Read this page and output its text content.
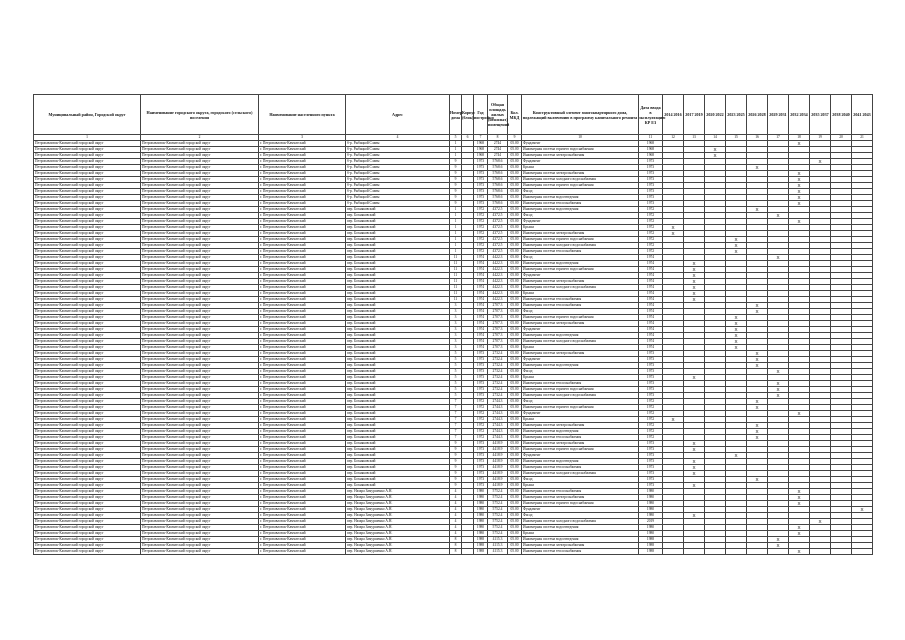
Муниципальный район, Городской округ	Наименование городского округа, городского (сельского) поселения	Наименование населенного пункта	Адрес	Номер дома	Корпус (блок)	Год постройки	Общая площадь жилых (нежилых) помещений	Кол. МКД	Конструктивный элемент многоквартирного дома, подлежащий включению в программу капитального ремонта	Дата ввода в эксплуатацию КР ЕЗ	2014 2016	2017 2019	2020 2022	2023 2025	2026 2028	2029 2031	2032 2034	2035 2037	2038 2040	2041 2043
1	2	3	4	5	6	7	8	9	10	11	12	13	14	15	16	17	18	19	20	21
Петропавловск-Камчатский городской округ	Петропавловск-Камчатский городской округ	г. Петропавловск-Камчатский	б-р. Рыбацкой Славы	1		1968	2744	05.00	Фундамент	1968							X			
Петропавловск-Камчатский городской округ	Петропавловск-Камчатский городской округ	г. Петропавловск-Камчатский	б-р. Рыбацкой Славы	1		1968	2744	05.00	Инженерная система горячего водоснабжения	1968			X							
Петропавловск-Камчатский городской округ	Петропавловск-Камчатский городской округ	г. Петропавловск-Камчатский	б-р. Рыбацкой Славы	1		1968	2744	05.00	Инженерная система электроснабжения	1968			X							
Петропавловск-Камчатский городской округ	Петропавловск-Камчатский городской округ	г. Петропавловск-Камчатский	б-р. Рыбацкой Славы	9		1973	5768.6	05.00	Фундамент	1973								X		
Петропавловск-Камчатский городской округ	Петропавловск-Камчатский городской округ	г. Петропавловск-Камчатский	б-р. Рыбацкой Славы	9		1973	5768.6	05.00	Крыша	1973					X					
Петропавловск-Камчатский городской округ	Петропавловск-Камчатский городской округ	г. Петропавловск-Камчатский	б-р. Рыбацкой Славы	9		1973	5768.6	05.00	Инженерная система электроснабжения	1973							X			
Петропавловск-Камчатский городской округ	Петропавловск-Камчатский городской округ	г. Петропавловск-Камчатский	б-р. Рыбацкой Славы	9		1973	5768.6	05.00	Инженерная система холодного водоснабжения	1973							X			
Петропавловск-Камчатский городской округ	Петропавловск-Камчатский городской округ	г. Петропавловск-Камчатский	б-р. Рыбацкой Славы	9		1973	5768.6	05.00	Инженерная система горячего водоснабжения	1973							X			
Петропавловск-Камчатский городской округ	Петропавловск-Камчатский городской округ	г. Петропавловск-Камчатский	б-р. Рыбацкой Славы	9		1973	5768.6	05.00	Фасад	1973							X			
Петропавловск-Камчатский городской округ	Петропавловск-Камчатский городской округ	г. Петропавловск-Камчатский	б-р. Рыбацкой Славы	9		1973	5768.6	05.00	Инженерная система водоотведения	1973							X			
Петропавловск-Камчатский городской округ	Петропавловск-Камчатский городской округ	г. Петропавловск-Камчатский	б-р. Рыбацкой Славы	9		1973	5768.6	05.00	Инженерная система теплоснабжения	1973							X			
Петропавловск-Камчатский городской округ	Петропавловск-Камчатский городской округ	г. Петропавловск-Камчатский	пер. Бохняковский	1		1972	4372.5	05.00	Инженерная система водоотведения	1972					X					
Петропавловск-Камчатский городской округ	Петропавловск-Камчатский городской округ	г. Петропавловск-Камчатский	пер. Бохняковский	1		1972	4372.5	05.00	Фасад	1972						X				
Петропавловск-Камчатский городской округ	Петропавловск-Камчатский городской округ	г. Петропавловск-Камчатский	пер. Бохняковский	1		1972	4372.5	05.00	Фундамент	1972							X			
Петропавловск-Камчатский городской округ	Петропавловск-Камчатский городской округ	г. Петропавловск-Камчатский	пер. Бохняковский	1		1972	4372.5	05.00	Крыша	1972	X									
Петропавловск-Камчатский городской округ	Петропавловск-Камчатский городской округ	г. Петропавловск-Камчатский	пер. Бохняковский	1		1972	4372.5	05.00	Инженерная система электроснабжения	1972	X									
Петропавловск-Камчатский городской округ	Петропавловск-Камчатский городской округ	г. Петропавловск-Камчатский	пер. Бохняковский	1		1972	4372.5	05.00	Инженерная система горячего водоснабжения	1972				X						
Петропавловск-Камчатский городской округ	Петропавловск-Камчатский городской округ	г. Петропавловск-Камчатский	пер. Бохняковский	1		1972	4372.5	05.00	Инженерная система холодного водоснабжения	1972				X						
Петропавловск-Камчатский городской округ	Петропавловск-Камчатский городской округ	г. Петропавловск-Камчатский	пер. Бохняковский	1		1972	4372.5	05.00	Инженерная система теплоснабжения	1972				X						
Петропавловск-Камчатский городской округ	Петропавловск-Камчатский городской округ	г. Петропавловск-Камчатский	пер. Бохняковский	11		1974	4422.3	05.00	Фасад	1974						X				
Петропавловск-Камчатский городской округ	Петропавловск-Камчатский городской округ	г. Петропавловск-Камчатский	пер. Бохняковский	11		1974	4422.3	05.00	Инженерная система водоотведения	1974		X								
Петропавловск-Камчатский городской округ	Петропавловск-Камчатский городской округ	г. Петропавловск-Камчатский	пер. Бохняковский	11		1974	4422.3	05.00	Инженерная система горячего водоснабжения	1974		X								
Петропавловск-Камчатский городской округ	Петропавловск-Камчатский городской округ	г. Петропавловск-Камчатский	пер. Бохняковский	11		1974	4422.3	05.00	Фундамент	1974		X								
Петропавловск-Камчатский городской округ	Петропавловск-Камчатский городской округ	г. Петропавловск-Камчатский	пер. Бохняковский	11		1974	4422.3	05.00	Инженерная система электроснабжения	1974		X								
Петропавловск-Камчатский городской округ	Петропавловск-Камчатский городской округ	г. Петропавловск-Камчатский	пер. Бохняковский	11		1974	4422.3	05.00	Инженерная система холодного водоснабжения	1974		X								
Петропавловск-Камчатский городской округ	Петропавловск-Камчатский городской округ	г. Петропавловск-Камчатский	пер. Бохняковский	11		1974	4422.3	05.00	Крыша	1974		X								
Петропавловск-Камчатский городской округ	Петропавловск-Камчатский городской округ	г. Петропавловск-Камчатский	пер. Бохняковский	11		1974	4422.3	05.00	Инженерная система теплоснабжения	1974		X								
Петропавловск-Камчатский городской округ	Петропавловск-Камчатский городской округ	г. Петропавловск-Камчатский	пер. Бохняковский	3		1974	2707.3	05.00	Инженерная система теплоснабжения	1974					X					
Петропавловск-Камчатский городской округ	Петропавловск-Камчатский городской округ	г. Петропавловск-Камчатский	пер. Бохняковский	3		1974	2707.3	05.00	Фасад	1974					X					
Петропавловск-Камчатский городской округ	Петропавловск-Камчатский городской округ	г. Петропавловск-Камчатский	пер. Бохняковский	3		1974	2707.3	05.00	Инженерная система горячего водоснабжения	1974				X						
Петропавловск-Камчатский городской округ	Петропавловск-Камчатский городской округ	г. Петропавловск-Камчатский	пер. Бохняковский	3		1974	2707.3	05.00	Инженерная система электроснабжения	1974				X						
Петропавловск-Камчатский городской округ	Петропавловск-Камчатский городской округ	г. Петропавловск-Камчатский	пер. Бохняковский	3		1974	2707.3	05.00	Фундамент	1974				X						
Петропавловск-Камчатский городской округ	Петропавловск-Камчатский городской округ	г. Петропавловск-Камчатский	пер. Бохняковский	3		1974	2707.3	05.00	Инженерная система водоотведения	1974				X						
Петропавловск-Камчатский городской округ	Петропавловск-Камчатский городской округ	г. Петропавловск-Камчатский	пер. Бохняковский	3		1974	2707.3	05.00	Инженерная система холодного водоснабжения	1974				X						
Петропавловск-Камчатский городской округ	Петропавловск-Камчатский городской округ	г. Петропавловск-Камчатский	пер. Бохняковский	3		1974	2707.3	05.00	Крыша	1974				X						
Петропавловск-Камчатский городской округ	Петропавловск-Камчатский городской округ	г. Петропавловск-Камчатский	пер. Бохняковский	5		1973	2732.4	05.00	Инженерная система электроснабжения	1973					X					
Петропавловск-Камчатский городской округ	Петропавловск-Камчатский городской округ	г. Петропавловск-Камчатский	пер. Бохняковский	5		1973	2732.4	05.00	Фундамент	1973					X					
Петропавловск-Камчатский городской округ	Петропавловск-Камчатский городской округ	г. Петропавловск-Камчатский	пер. Бохняковский	5		1973	2732.4	05.00	Инженерная система водоотведения	1973					X					
Петропавловск-Камчатский городской округ	Петропавловск-Камчатский городской округ	г. Петропавловск-Камчатский	пер. Бохняковский	5		1973	2732.4	05.00	Фасад	1973						X				
Петропавловск-Камчатский городской округ	Петропавловск-Камчатский городской округ	г. Петропавловск-Камчатский	пер. Бохняковский	5		1973	2732.4	05.00	Крыша	1973		X								
Петропавловск-Камчатский городской округ	Петропавловск-Камчатский городской округ	г. Петропавловск-Камчатский	пер. Бохняковский	5		1973	2732.4	05.00	Инженерная система теплоснабжения	1973						X				
Петропавловск-Камчатский городской округ	Петропавловск-Камчатский городской округ	г. Петропавловск-Камчатский	пер. Бохняковский	5		1973	2732.4	05.00	Инженерная система горячего водоснабжения	1973						X				
Петропавловск-Камчатский городской округ	Петропавловск-Камчатский городской округ	г. Петропавловск-Камчатский	пер. Бохняковский	5		1973	2732.4	05.00	Инженерная система холодного водоснабжения	1973						X				
Петропавловск-Камчатский городской округ	Петропавловск-Камчатский городской округ	г. Петропавловск-Камчатский	пер. Бохняковский	7		1972	2744.3	05.00	Фасад	1972					X					
Петропавловск-Камчатский городской округ	Петропавловск-Камчатский городской округ	г. Петропавловск-Камчатский	пер. Бохняковский	7		1972	2744.3	05.00	Инженерная система горячего водоснабжения	1972					X					
Петропавловск-Камчатский городской округ	Петропавловск-Камчатский городской округ	г. Петропавловск-Камчатский	пер. Бохняковский	7		1972	2744.3	05.00	Фундамент	1972							X			
Петропавловск-Камчатский городской округ	Петропавловск-Камчатский городской округ	г. Петропавловск-Камчатский	пер. Бохняковский	7		1972	2744.3	05.00	Крыша	1972	X									
Петропавловск-Камчатский городской округ	Петропавловск-Камчатский городской округ	г. Петропавловск-Камчатский	пер. Бохняковский	7		1972	2744.3	05.00	Инженерная система электроснабжения	1972					X					
Петропавловск-Камчатский городской округ	Петропавловск-Камчатский городской округ	г. Петропавловск-Камчатский	пер. Бохняковский	7		1972	2744.3	05.00	Инженерная система водоотведения	1972					X					
Петропавловск-Камчатский городской округ	Петропавловск-Камчатский городской округ	г. Петропавловск-Камчатский	пер. Бохняковский	7		1972	2744.3	05.00	Инженерная система теплоснабжения	1972					X					
Петропавловск-Камчатский городской округ	Петропавловск-Камчатский городской округ	г. Петропавловск-Камчатский	пер. Бохняковский	9		1973	4418.9	05.00	Инженерная система электроснабжения	1973		X								
Петропавловск-Камчатский городской округ	Петропавловск-Камчатский городской округ	г. Петропавловск-Камчатский	пер. Бохняковский	9		1973	4418.9	05.00	Инженерная система горячего водоснабжения	1973		X								
Петропавловск-Камчатский городской округ	Петропавловск-Камчатский городской округ	г. Петропавловск-Камчатский	пер. Бохняковский	9		1973	4418.9	05.00	Фундамент	1973				X						
Петропавловск-Камчатский городской округ	Петропавловск-Камчатский городской округ	г. Петропавловск-Камчатский	пер. Бохняковский	9		1973	4418.9	05.00	Инженерная система водоотведения	1973		X								
Петропавловск-Камчатский городской округ	Петропавловск-Камчатский городской округ	г. Петропавловск-Камчатский	пер. Бохняковский	9		1973	4418.9	05.00	Инженерная система теплоснабжения	1973		X								
Петропавловск-Камчатский городской округ	Петропавловск-Камчатский городской округ	г. Петропавловск-Камчатский	пер. Бохняковский	9		1973	4418.9	05.00	Инженерная система холодного водоснабжения	1973		X								
Петропавловск-Камчатский городской округ	Петропавловск-Камчатский городской округ	г. Петропавловск-Камчатский	пер. Бохняковский	9		1973	4418.9	05.00	Фасад	1973					X					
Петропавловск-Камчатский городской округ	Петропавловск-Камчатский городской округ	г. Петропавловск-Камчатский	пер. Бохняковский	9		1973	4418.9	05.00	Крыша	1973		X								
Петропавловск-Камчатский городской округ	Петропавловск-Камчатский городской округ	г. Петропавловск-Камчатский	пер. Назара Замуршенко А.Н.	4		1980	5752.4	05.00	Инженерная система теплоснабжения	1980							X			
Петропавловск-Камчатский городской округ	Петропавловск-Камчатский городской округ	г. Петропавловск-Камчатский	пер. Назара Замуршенко А.Н.	4		1980	5752.4	05.00	Инженерная система электроснабжения	1980							X			
Петропавловск-Камчатский городской округ	Петропавловск-Камчатский городской округ	г. Петропавловск-Камчатский	пер. Назара Замуршенко А.Н.	4		1980	5752.4	05.00	Инженерная система горячего водоснабжения	1980							X			
Петропавловск-Камчатский городской округ	Петропавловск-Камчатский городской округ	г. Петропавловск-Камчатский	пер. Назара Замуршенко А.Н.	4		1980	5752.4	05.00	Фундамент	1980										X
Петропавловск-Камчатский городской округ	Петропавловск-Камчатский городской округ	г. Петропавловск-Камчатский	пер. Назара Замуршенко А.Н.	4		1980	5752.4	05.00	Фасад	1980		X								
Петропавловск-Камчатский городской округ	Петропавловск-Камчатский городской округ	г. Петропавловск-Камчатский	пер. Назара Замуршенко А.Н.	4		1980	5752.4	05.00	Инженерная система холодного водоснабжения	2019								X		
Петропавловск-Камчатский городской округ	Петропавловск-Камчатский городской округ	г. Петропавловск-Камчатский	пер. Назара Замуршенко А.Н.	4		1980	5752.4	05.00	Инженерная система водоотведения	1980							X			
Петропавловск-Камчатский городской округ	Петропавловск-Камчатский городской округ	г. Петропавловск-Камчатский	пер. Назара Замуршенко А.Н.	4		1980	5752.4	05.00	Крыша	1980							X			
Петропавловск-Камчатский городской округ	Петропавловск-Камчатский городской округ	г. Петропавловск-Камчатский	пер. Назара Замуршенко А.Н.	8		1988	4115.3	05.00	Инженерная система водоотведения	1988						X				
Петропавловск-Камчатский городской округ	Петропавловск-Камчатский городской округ	г. Петропавловск-Камчатский	пер. Назара Замуршенко А.Н.	8		1988	4115.3	05.00	Инженерная система электроснабжения	1988						X				
Петропавловск-Камчатский городской округ	Петропавловск-Камчатский городской округ	г. Петропавловск-Камчатский	пер. Назара Замуршенко А.Н.	8		1988	4115.3	05.00	Инженерная система теплоснабжения	1988							X			
